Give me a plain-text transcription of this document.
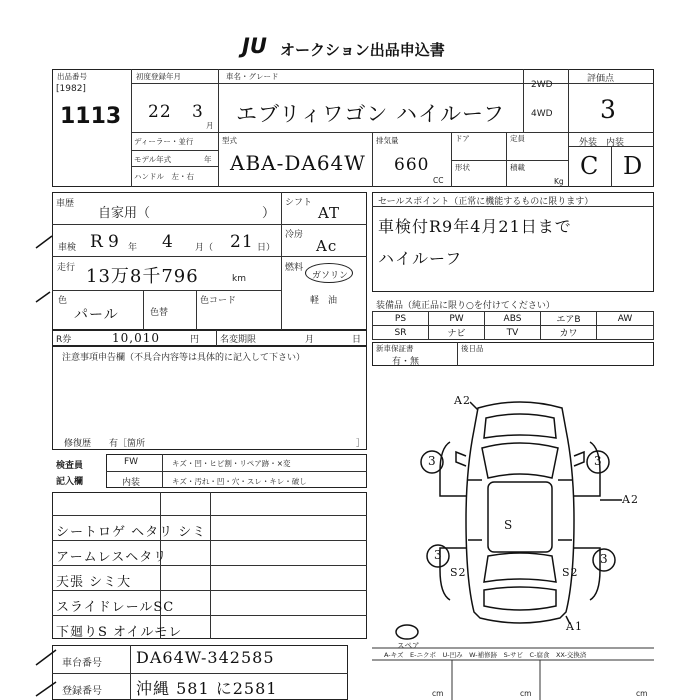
JU オークション出品申込書
出品番号
[1982]
1113
初度登録年月
22 3
月
車名・グレード
エブリィワゴン ハイルーフ
2WD
4WD
評価点
3
ディーラー・並行
モデル年式	年
ハンドル　左・右
型式
ABA-DA64W
排気量
660
CC
ドア
形状
定員
積載
Kg
外装　内装
C D
車歴
自家用（	）
車検 R 9 年 4 月（ 21 日）
走行 13万8千796	km
色
パール	色替
色コード
シフト
AT
冷房
Ac
燃料
ガソリン
軽　油
R券	10,010	円 名変期限	月	日
注意事項申告欄（不具合内容等は具体的に記入して下さい）
修復歴　　有［箇所	］
検査員
記入欄
FW	キズ・凹・ヒビ割・リペア跡・×変
内装	キズ・汚れ・凹・穴・スレ・キレ・破し
シートロゲ ヘタリ シミ
アームレスヘタリ
天張 シミ大
スライドレールSC
下廻りS オイルモレ
車台番号 DA64W-342585
登録番号 沖縄 581 に2581
セールスポイント（正常に機能するものに限ります）
車検付R9年4月21日まで
ハイルーフ
装備品（純正品に限り○を付けてください）
PS	PW	ABS	エアB	AW
SR	ナビ	TV	カワ
新車保証書
有・無
後日品
A2
A2
3	3
3	3
S
S2	S2
A1
スペア
A-キズ　E-ニクボ　U-凹み　W-補修跡　S-サビ　C-腐食　XX-交換済
cm	cm	cm
